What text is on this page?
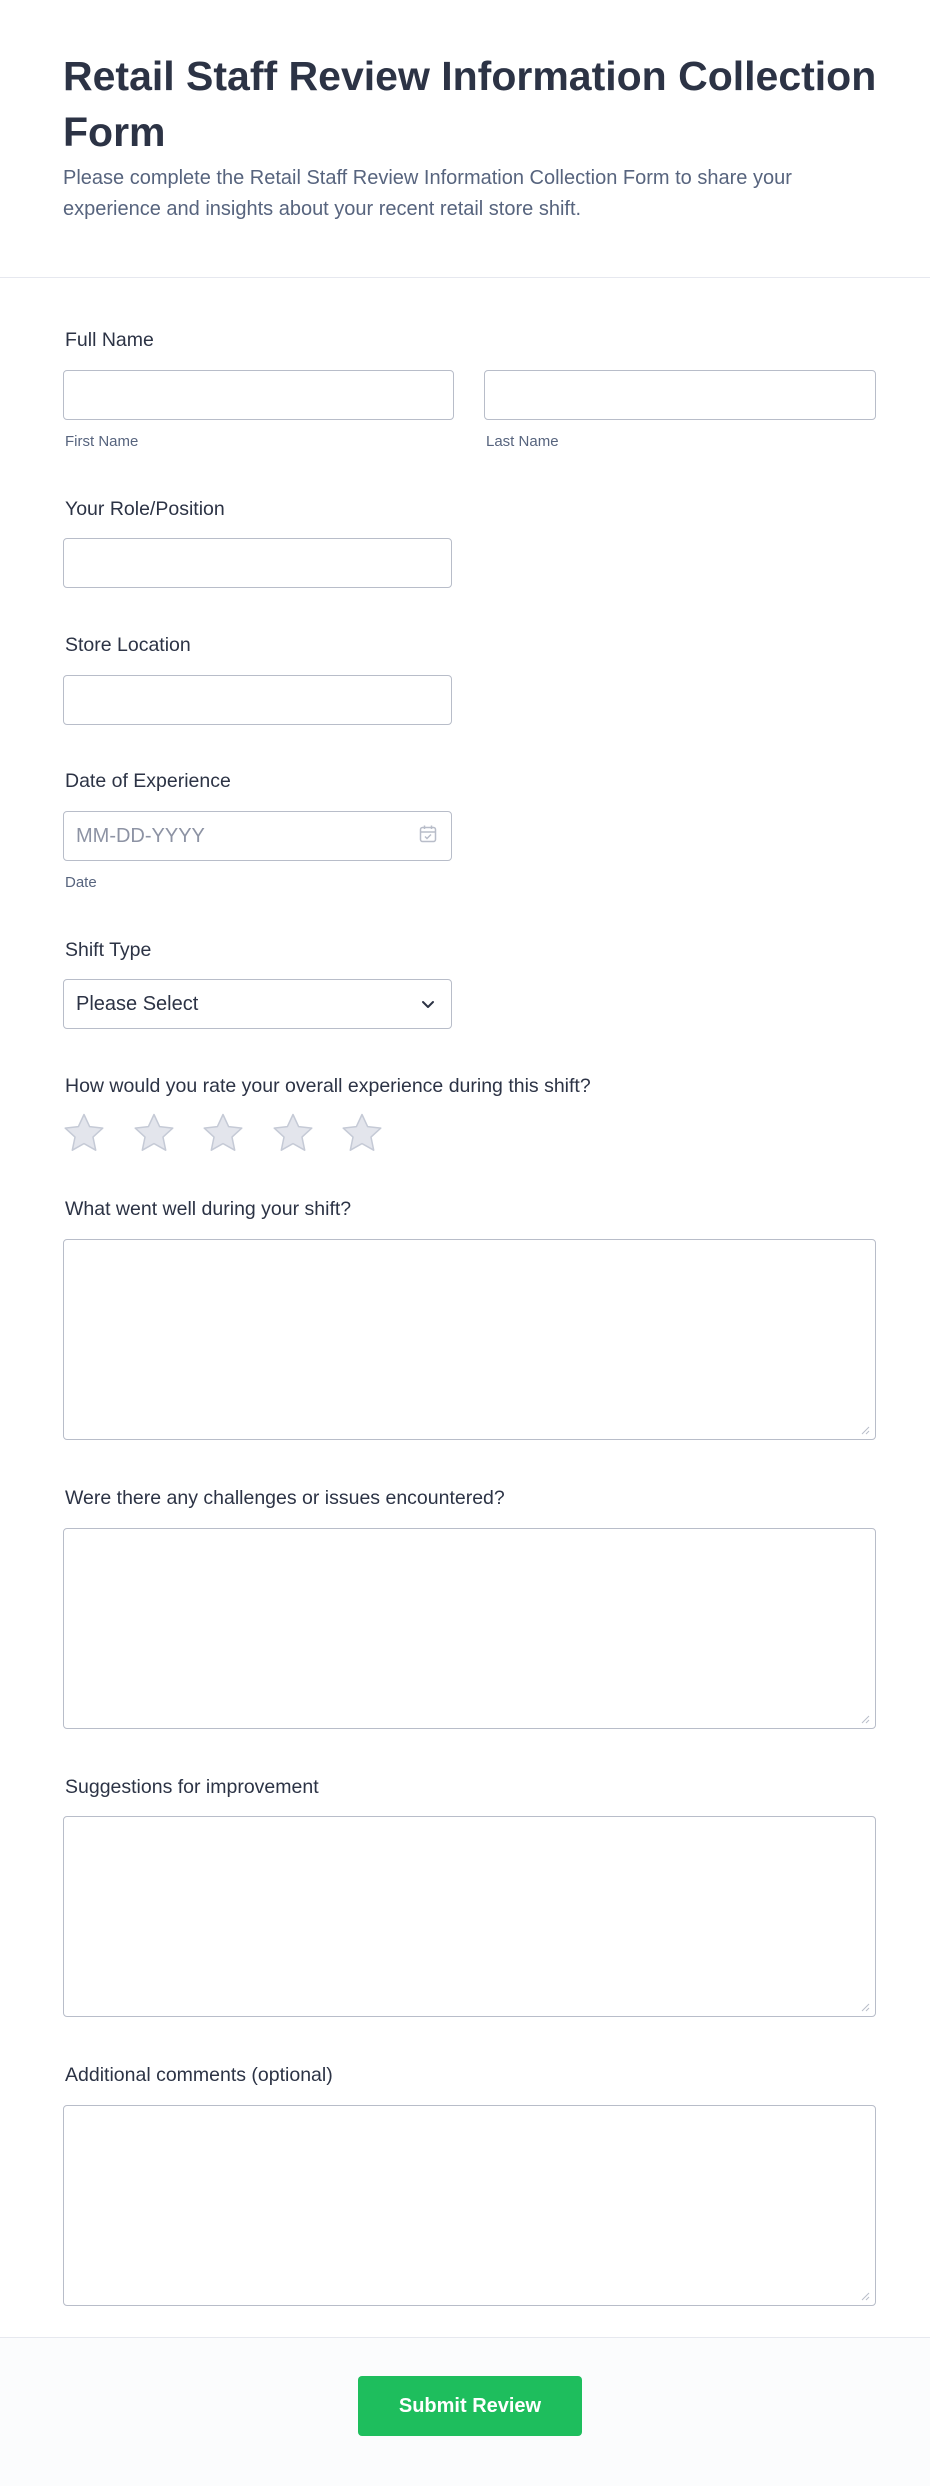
Retail Staff Review Information Collection Form

Please complete the Retail Staff Review Information Collection Form to share your experience and insights about your recent retail store shift.

Full Name
First Name	Last Name
Your Role/Position
Store Location
Date of Experience
MM-DD-YYYY
Date
Shift Type
Please Select
How would you rate your overall experience during this shift?
What went well during your shift?
Were there any challenges or issues encountered?
Suggestions for improvement
Additional comments (optional)
Submit Review
